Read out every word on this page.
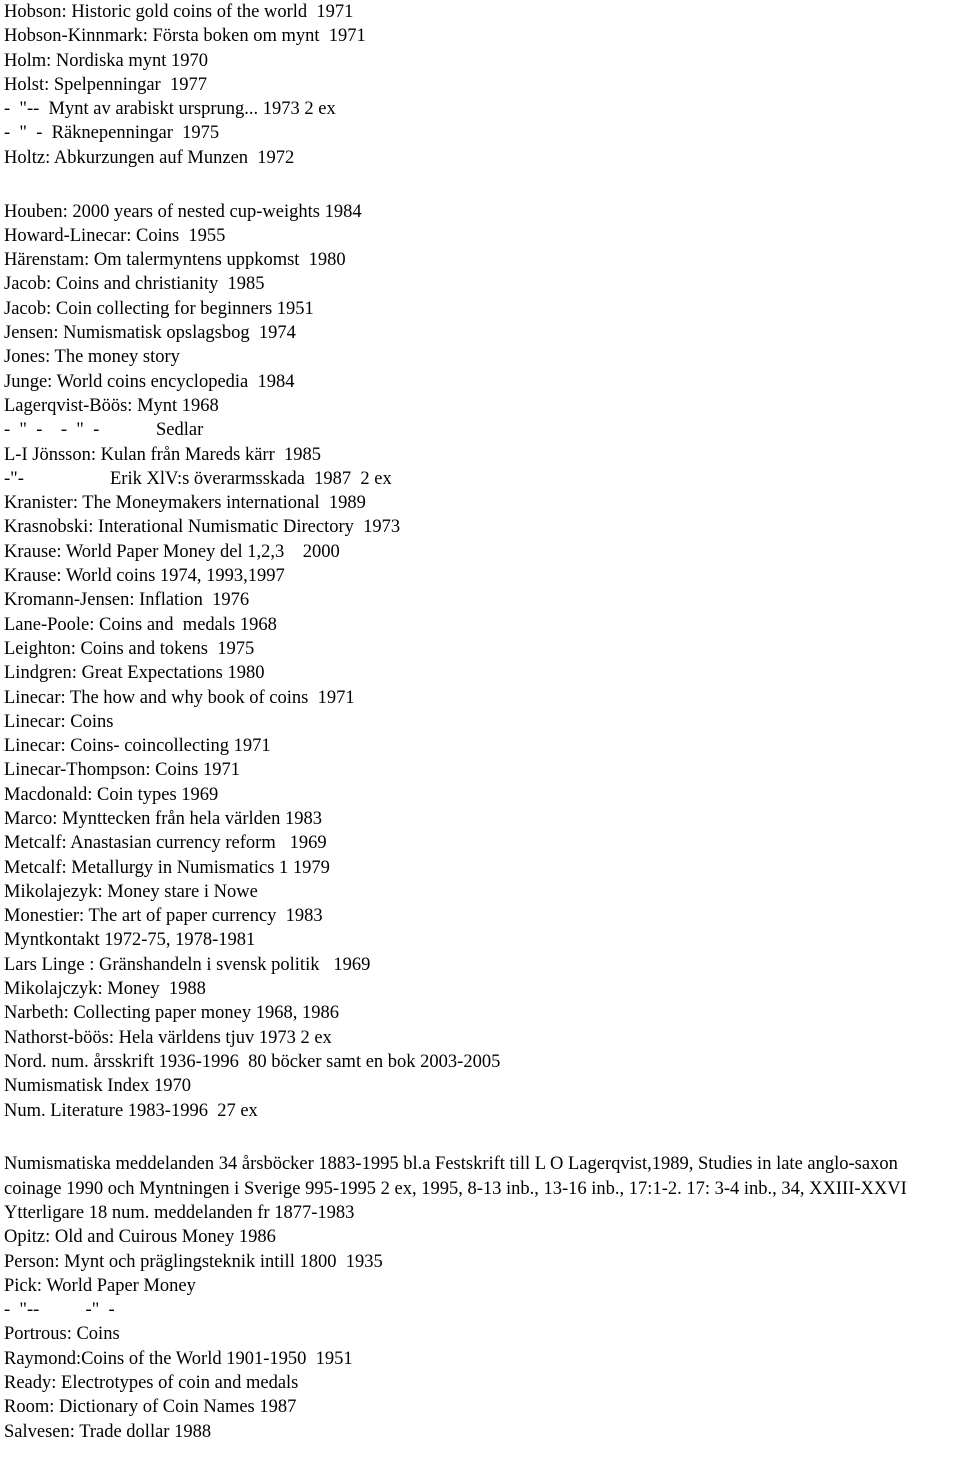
Hobson: Historic gold coins of the world  1971
Hobson-Kinnmark: Första boken om mynt  1971
Holm: Nordiska mynt 1970
Holst: Spelpenningar  1977
-  "--  Mynt av arabiskt ursprung... 1973 2 ex
-  "  -  Räknepenningar  1975
Holtz: Abkurzungen auf Munzen  1972
Houben: 2000 years of nested cup-weights 1984
Howard-Linecar: Coins  1955
Härenstam: Om talermyntens uppkomst  1980
Jacob: Coins and christianity  1985
Jacob: Coin collecting for beginners 1951
Jensen: Numismatisk opslagsbog  1974
Jones: The money story
Junge: World coins encyclopedia  1984
Lagerqvist-Böös: Mynt 1968
-  "  -    -  "  -	Sedlar
L-I Jönsson: Kulan från Mareds kärr  1985
-"-	Erik XlV:s överarmsskada  1987  2 ex
Kranister: The Moneymakers international  1989
Krasnobski: Interational Numismatic Directory  1973
Krause: World Paper Money del 1,2,3    2000
Krause: World coins 1974, 1993,1997
Kromann-Jensen: Inflation  1976
Lane-Poole: Coins and  medals 1968
Leighton: Coins and tokens  1975
Lindgren: Great Expectations 1980
Linecar: The how and why book of coins  1971
Linecar: Coins
Linecar: Coins- coincollecting 1971
Linecar-Thompson: Coins 1971
Macdonald: Coin types 1969
Marco: Mynttecken från hela världen 1983
Metcalf: Anastasian currency reform   1969
Metcalf: Metallurgy in Numismatics 1 1979
Mikolajezyk: Money stare i Nowe
Monestier: The art of paper currency  1983
Myntkontakt 1972-75, 1978-1981
Lars Linge : Gränshandeln i svensk politik   1969
Mikolajczyk: Money  1988
Narbeth: Collecting paper money 1968, 1986
Nathorst-böös: Hela världens tjuv 1973 2 ex
Nord. num. årsskrift 1936-1996  80 böcker samt en bok 2003-2005
Numismatisk Index 1970
Num. Literature 1983-1996  27 ex
Numismatiska meddelanden 34 årsböcker 1883-1995 bl.a Festskrift till L O Lagerqvist,1989, Studies in late anglo-saxon coinage 1990 och Myntningen i Sverige 995-1995 2 ex, 1995, 8-13 inb., 13-16 inb., 17:1-2. 17: 3-4 inb., 34, XXIII-XXVI
Ytterligare 18 num. meddelanden fr 1877-1983
Opitz: Old and Cuirous Money 1986
Person: Mynt och präglingsteknik intill 1800  1935
Pick: World Paper Money
-  "--          -"  -
Portrous: Coins
Raymond:Coins of the World 1901-1950  1951
Ready: Electrotypes of coin and medals
Room: Dictionary of Coin Names 1987
Salvesen: Trade dollar 1988
